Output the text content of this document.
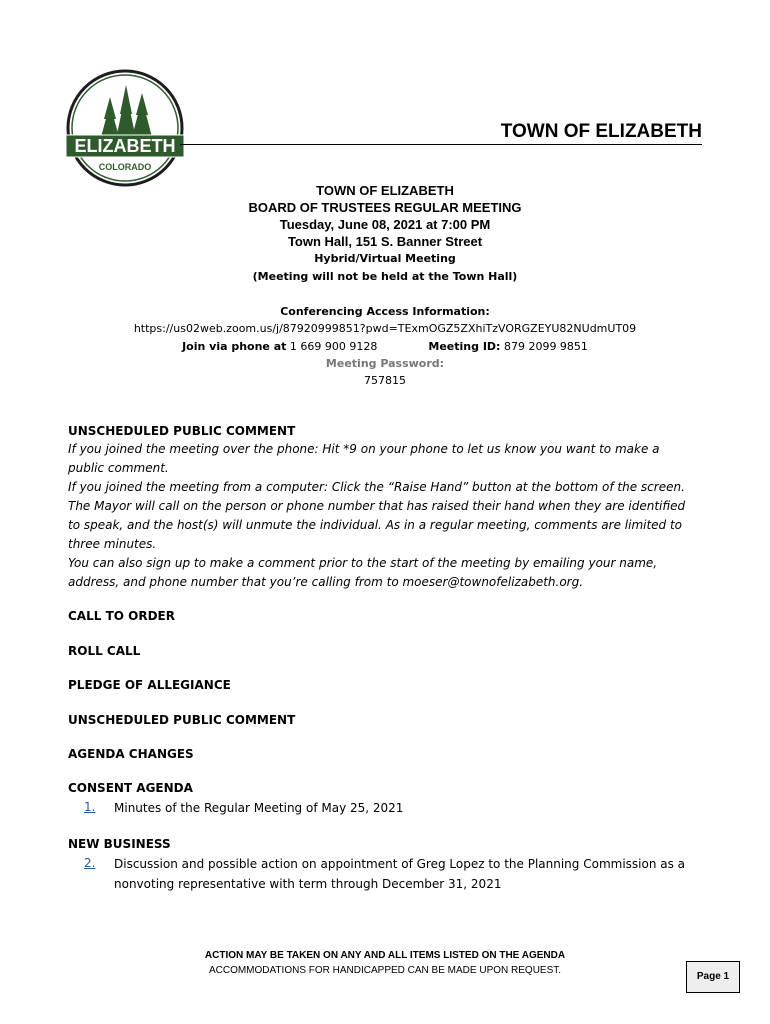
ELIZABETH
COLORADO
TOWN OF ELIZABETH
TOWN OF ELIZABETH
BOARD OF TRUSTEES REGULAR MEETING
Tuesday, June 08, 2021 at 7:00 PM
Town Hall, 151 S. Banner Street
Hybrid/Virtual Meeting
(Meeting will not be held at the Town Hall)
Conferencing Access Information:
https://us02web.zoom.us/j/87920999851?pwd=TExmOGZ5ZXhiTzVORGZEYU82NUdmUT09
Join via phone at 1 669 900 9128	Meeting ID: 879 2099 9851
Meeting Password:
757815
UNSCHEDULED PUBLIC COMMENT
If you joined the meeting over the phone: Hit *9 on your phone to let us know you want to make a
public comment.
If you joined the meeting from a computer: Click the “Raise Hand” button at the bottom of the screen.
The Mayor will call on the person or phone number that has raised their hand when they are identified
to speak, and the host(s) will unmute the individual. As in a regular meeting, comments are limited to
three minutes.
You can also sign up to make a comment prior to the start of the meeting by emailing your name,
address, and phone number that you’re calling from to moeser@townofelizabeth.org.
CALL TO ORDER
ROLL CALL
PLEDGE OF ALLEGIANCE
UNSCHEDULED PUBLIC COMMENT
AGENDA CHANGES
CONSENT AGENDA
1. Minutes of the Regular Meeting of May 25, 2021
NEW BUSINESS
2. Discussion and possible action on appointment of Greg Lopez to the Planning Commission as a
nonvoting representative with term through December 31, 2021
ACTION MAY BE TAKEN ON ANY AND ALL ITEMS LISTED ON THE AGENDA
ACCOMMODATIONS FOR HANDICAPPED CAN BE MADE UPON REQUEST.
Page 1
